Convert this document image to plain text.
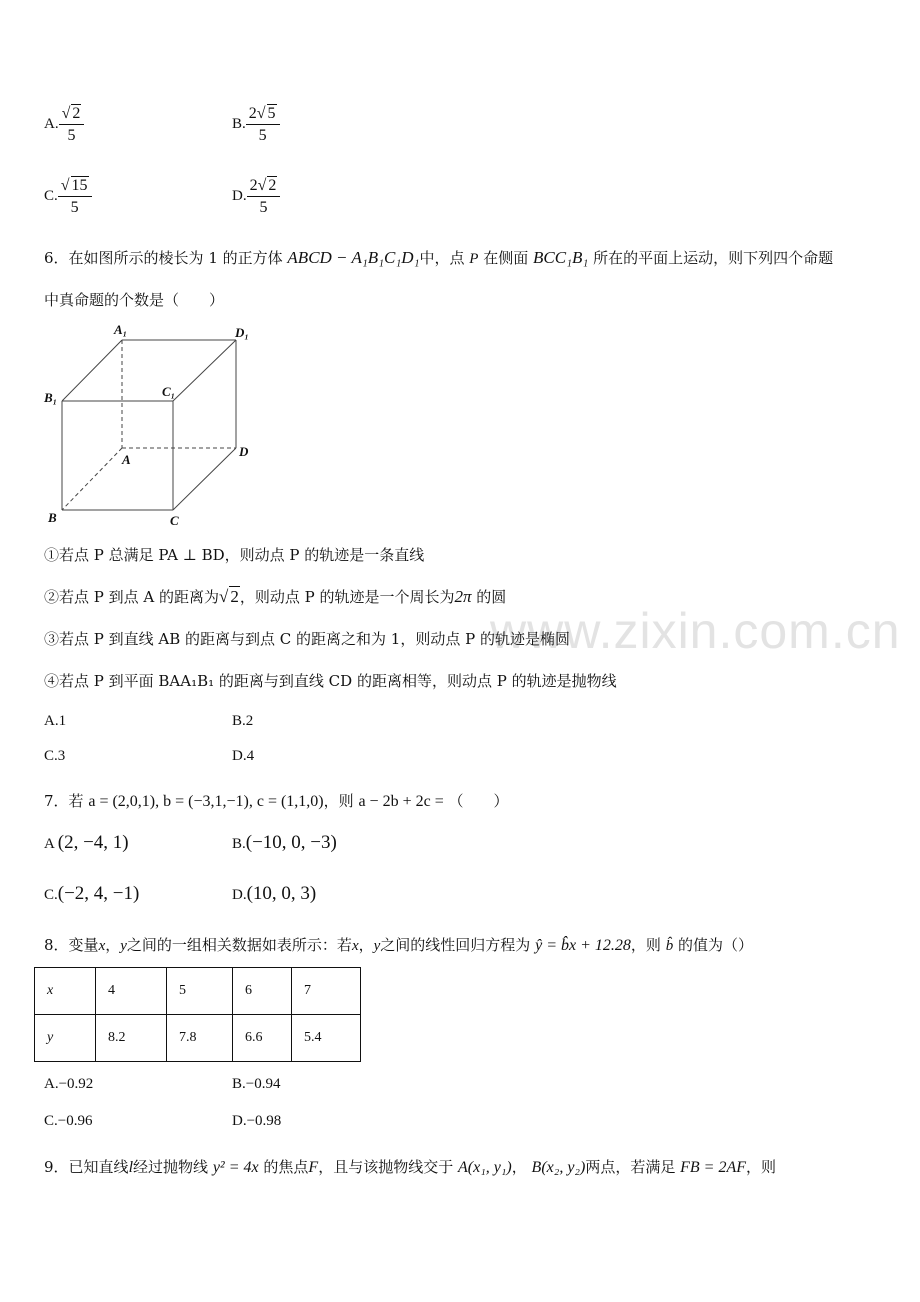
www.zixin.com.cn
A. $\frac{√ 2}{5}$	B. $\frac{2√ 5}{5}$
C. $\frac{√ 15}{5}$	D. $\frac{2√ 2}{5}$
6．在如图所示的棱长为 1 的正方体 ABCD − A₁B₁C₁D₁中，点 P 在侧面 BCC₁B₁ 所在的平面上运动，则下列四个命题
中真命题的个数是（　　）
A₁	D₁
B₁	C₁
A
D
B	C
①若点 P 总满足 PA ⊥ BD，则动点 P 的轨迹是一条直线
②若点 P 到点 A 的距离为√ 2，则动点 P 的轨迹是一个周长为2π 的圆
③若点 P 到直线 AB 的距离与到点 C 的距离之和为 1，则动点 P 的轨迹是椭圆
④若点 P 到平面 BAA₁B₁ 的距离与到直线 CD 的距离相等，则动点 P 的轨迹是抛物线
A.1	B.2
C.3	D.4
7．若 a = (2,0,1), b = (−3,1,−1), c = (1,1,0)，则 a − 2b + 2c = （　　）
A (2, −4, 1)	B.(−10, 0, −3)
C.(−2, 4, −1)	D.(10, 0, 3)
8．变量x，y之间的一组相关数据如表所示：若x，y之间的线性回归方程为 ŷ = b̂x + 12.28，则 b̂ 的值为（）
x	4	5	6	7
y	8.2	7.8	6.6	5.4
A.−0.92	B.−0.94
C.−0.96	D.−0.98
9．已知直线l经过抛物线 y² = 4x 的焦点F，且与该抛物线交于 A(x₁, y₁)， B(x₂, y₂)两点，若满足 FB = 2AF，则
